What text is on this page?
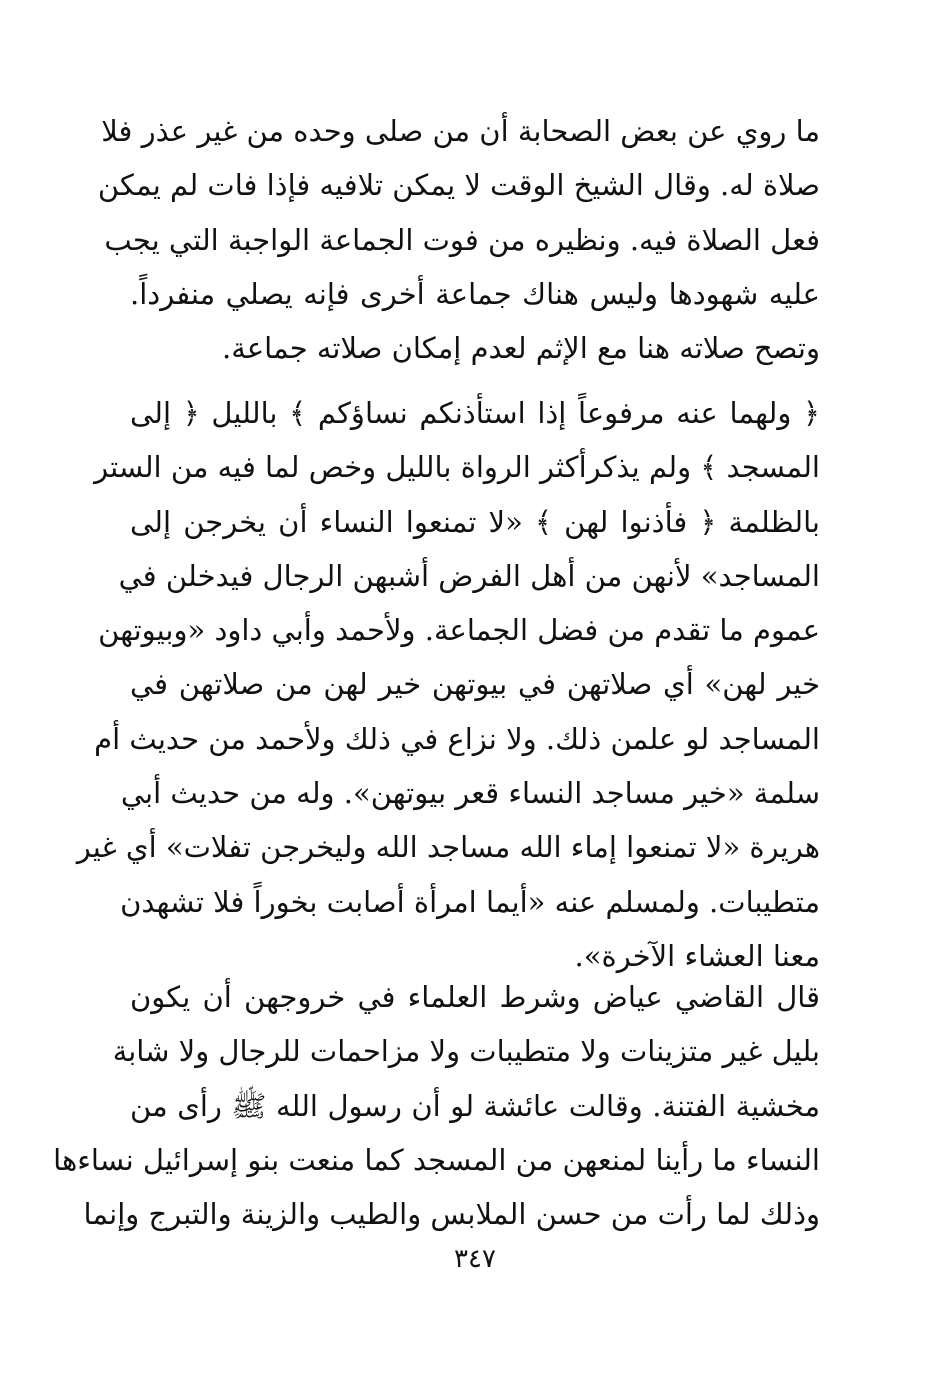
ما روي عن بعض الصحابة أن من صلى وحده من غير عذر فلا
صلاة له. وقال الشيخ الوقت لا يمكن تلافيه فإذا فات لم يمكن
فعل الصلاة فيه. ونظيره من فوت الجماعة الواجبة التي يجب
عليه شهودها وليس هناك جماعة أخرى فإنه يصلي منفرداً.
وتصح صلاته هنا مع الإثم لعدم إمكان صلاته جماعة.
﴿ ولهما عنه مرفوعاً إذا استأذنكم نساؤكم ﴾ بالليل ﴿ إلى
المسجد ﴾ ولم يذكرأكثر الرواة بالليل وخص لما فيه من الستر
بالظلمة ﴿ فأذنوا لهن ﴾ «لا تمنعوا النساء أن يخرجن إلى
المساجد» لأنهن من أهل الفرض أشبهن الرجال فيدخلن في
عموم ما تقدم من فضل الجماعة. ولأحمد وأبي داود «وبيوتهن
خير لهن» أي صلاتهن في بيوتهن خير لهن من صلاتهن في
المساجد لو علمن ذلك. ولا نزاع في ذلك ولأحمد من حديث أم
سلمة «خير مساجد النساء قعر بيوتهن». وله من حديث أبي
هريرة «لا تمنعوا إماء الله مساجد الله وليخرجن تفلات» أي غير
متطيبات. ولمسلم عنه «أيما امرأة أصابت بخوراً فلا تشهدن
معنا العشاء الآخرة».
قال القاضي عياض وشرط العلماء في خروجهن أن يكون
بليل غير متزينات ولا متطيبات ولا مزاحمات للرجال ولا شابة
مخشية الفتنة. وقالت عائشة لو أن رسول الله ﷺ رأى من
النساء ما رأينا لمنعهن من المسجد كما منعت بنو إسرائيل نساءها
وذلك لما رأت من حسن الملابس والطيب والزينة والتبرج وإنما
٣٤٧
